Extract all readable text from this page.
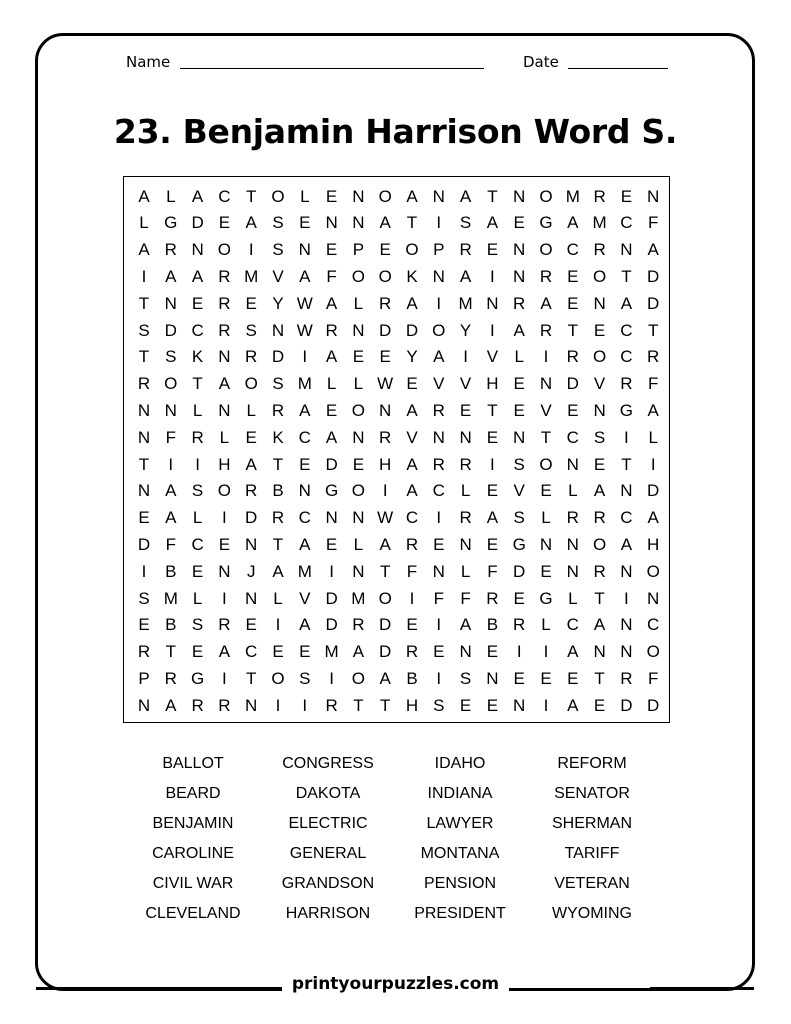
Name	Date
23. Benjamin Harrison Word S.
A L A C T O L E N O A N A T N O M R E N
L G D E A S E N N A T	I	S A E G A M C F
A R N O	I	S N E P E O P R E N O C R N A
I	A A R M V A F O O K N A	I	N R E O T D
T N E R E Y W A L R A	I	M N R A E N A D
S D C R S N W R N D D O Y	I	A R T E C T
T S K N R D	I	A E E Y A	I	V L	I	R O C R
R O T A O S M L	L W E V V H E N D V R F
N N L N L R A E O N A R E T E V E N G A
N F R L E K C A N R V N N E N T C S	I	L
T	I	I	H A T E D E H A R R	I	S O N E T	I
N A S O R B N G O	I	A C L E V E L A N D
E A L	I	D R C N N W C	I	R A S L R R C A
D F C E N T A E L A R E N E G N N O A H
I	B E N J A M	I	N T F N L F D E N R N O
S M L	I	N L V D M O	I	F F R E G L T	I	N
E B S R E	I	A D R D E	I	A B R L C A N C
R T E A C E E M A D R E N E	I	I	A N N O
P R G	I	T O S	I	O A B	I	S N E E E T R F
N A R R N	I	I	R T T H S E E N	I	A E D D
BALLOT	CONGRESS	IDAHO	REFORM
BEARD	DAKOTA	INDIANA	SENATOR
BENJAMIN	ELECTRIC	LAWYER	SHERMAN
CAROLINE	GENERAL	MONTANA	TARIFF
CIVIL WAR	GRANDSON	PENSION	VETERAN
CLEVELAND	HARRISON	PRESIDENT	WYOMING
printyourpuzzles.com
